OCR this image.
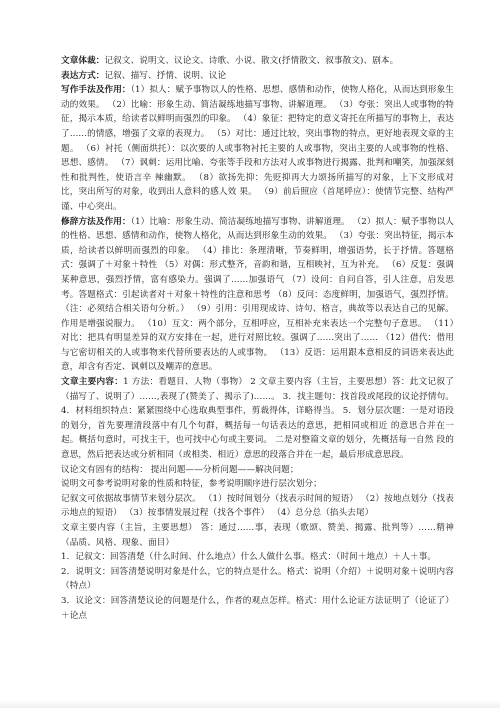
文章体裁：记叙文、说明文、议论文、诗歌、小说、散文(抒情散文、叙事散文)、剧本。

表达方式：记叙、描写、抒情、说明、议论

写作手法及作用：（1）拟人：赋予事物以人的性格、思想、感情和动作，使物人格化，从而达到形象生动的效果。 （2）比喻：形象生动、简洁凝练地描写事物、讲解道理。 （3）夸张：突出人或事物的特征，揭示本质，给读者以鲜明而强烈的印象。 （4）象征：把特定的意义寄托在所描写的事物上，表达了……的情感，增强了文章的表现力。 （5）对比：通过比较，突出事物的特点，更好地表现文章的主题。 （6）衬托（侧面烘托）：以次要的人或事物衬托主要的人或事物，突出主要的人或事物的性格、思想、感情。 （7）讽刺：运用比喻、夸张等手段和方法对人或事物进行揭露、批判和嘲笑，加强深刻性和批判性，使语言辛 辣幽默。 （8）欲扬先抑：先贬抑再大力颂扬所描写的对象，上下文形成对比，突出所写的对象，收到出人意料的感人效 果。 （9）前后照应（首尾呼应）：使情节完整、结构严谨、中心突出。

修辞方法及作用：（1）比喻：形象生动、简洁凝练地描写事物、讲解道理。 （2）拟人：赋予事物以人的性格、思想、感情和动作，使物人格化，从而达到形象生动的效果。 （3）夸张：突出特征，揭示本质，给读者以鲜明而强烈的印象。 （4）排比：条理清晰，节奏鲜明，增强语势，长于抒情。答题格式：强调了＋对象＋特性 （5）对偶：形式整齐，音韵和谐，互相映衬，互为补充。 （6）反复：强调某种意思，强烈抒情，富有感染力。强调了……加强语气 （7）设问：自问自答，引人注意，启发思考。答题格式：引起读者对＋对象＋特性的注意和思考 （8）反问：态度鲜明，加强语气，强烈抒情。（注：必须结合相关语句分析。） （9）引用：引用现成诗、诗句、格言，典故等以表达自己的见解。作用是增强说服力。 （10）互文：两个部分，互相呼应，互相补充来表达一个完整句子意思。 （11）对比：把具有明显差异的双方安排在一起，进行对照比较。强调了……突出了…… （12）借代：借用与它密切相关的人或事物来代替所要表达的人或事物。 （13）反语：运用跟本意相反的词语来表达此意，却含有否定、讽刺以及嘲弄的意思。

文章主要内容：1 方法：看题目、人物（事物） 2 文章主要内容（主旨，主要思想）答：此文记叙了（描写了、说明了）……,表现了(赞美了、揭示了)……。 3．找主题句：找首段或尾段的议论抒情句。 4．材料组织特点：紧紧围绕中心选取典型事件，剪裁得体，详略得当。 5．划分层次题：一是对语段的划分，首先要理清段落中有几个句群，概括每一句话表达的意思，把相同或相近 的意思合并在一起。概括句意时，可找主干，也可找中心句或主要词。 二是对整篇文章的划分，先概括每一自然 段的意思，然后把表达或分析相同（或相类、相近）意思的段落合并在一起，最后形成意思段。

议论文有固有的结构： 提出问题——分析问题——解决问题；

说明文可参考说明对象的性质和特征，参考说明顺序进行层次划分；

记叙文可依据故事情节来划分层次。 （1）按时间划分（找表示时间的短语） （2）按地点划分（找表示地点的短语） （3）按事情发展过程（找各个事件） （4）总分总（掐头去尾）

文章主要内容（主旨，主要思想） 答：通过……事，表现（歌颂、赞美、揭露、批判等）……精神（品质、风格、现象、面目）

1．记叙文：回答清楚（什么时间、什么地点）什么人做什么事。格式：（时间＋地点）＋人＋事。

2．说明文：回答清楚说明对象是什么，它的特点是什么。格式：说明（介绍）＋说明对象＋说明内容（特点）

3．议论文：回答清楚议论的问题是什么，作者的观点怎样。格式：用什么论证方法证明了（论证了）＋论点
